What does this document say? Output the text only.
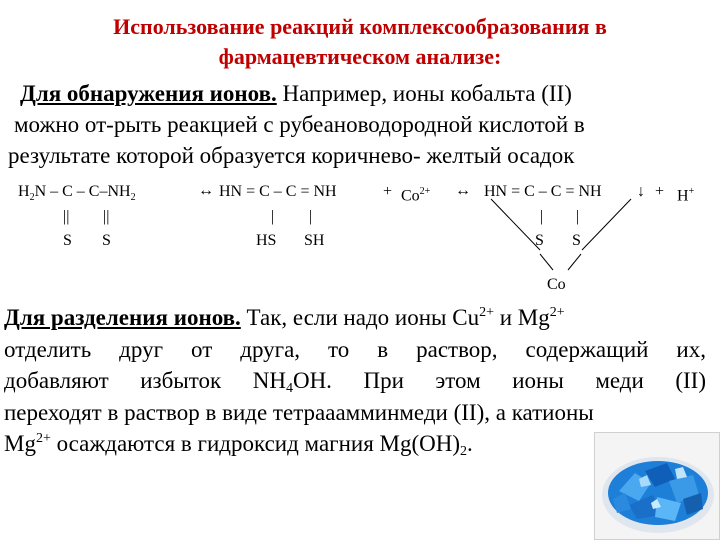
Использование реакций комплексообразования в
фармацевтическом анализе:
Для обнаружения ионов. Например, ионы кобальта (II)
можно от-рыть реакцией с рубеановодородной кислотой в
результате которой образуется коричнево- желтый осадок
$H_2N$ – C – $C-NH_2$	↔ HN = C – C = NH	+ $Co^{2+}$ ↔ HN = C – C = NH ↓ + H+
|| ||	| |	| |
S S	HS SH	S S
Co
Для разделения ионов. Так, если надо ионы $Cu^{2+}$ и $Mg^{2+}$
отделить друг от друга, то в раствор, содержащий их,
добавляют избыток $NH_4OH$. При этом ионы меди (II)
переходят в раствор в виде тетрааамминмеди (II), а катионы
$Mg^{2+}$ осаждаются в гидроксид магния $Mg(OH)_2$.
